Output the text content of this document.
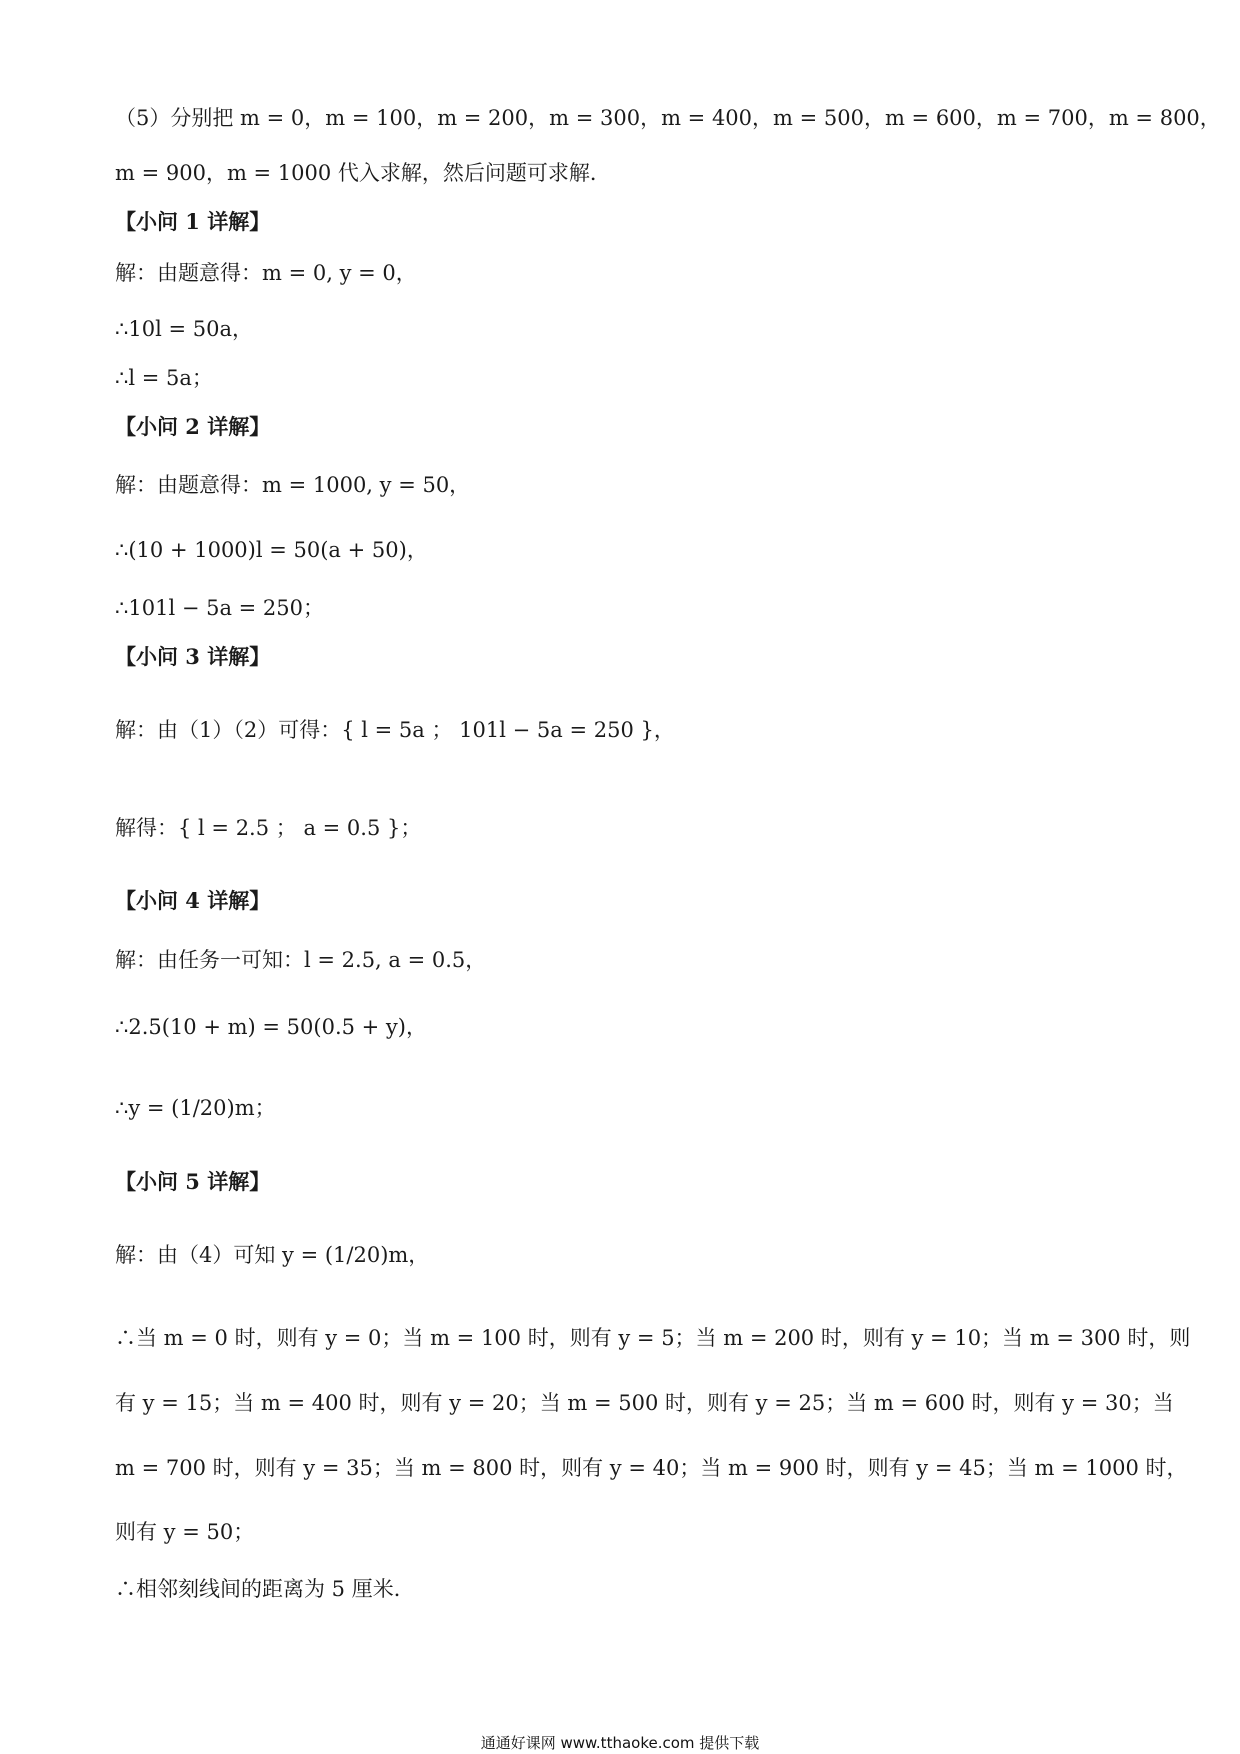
（5）分别把 m = 0，m = 100，m = 200，m = 300，m = 400，m = 500，m = 600，m = 700，m = 800，
m = 900，m = 1000 代入求解，然后问题可求解．
【小问 1 详解】
解：由题意得：m = 0, y = 0，
∴10l = 50a，
∴l = 5a；
【小问 2 详解】
解：由题意得：m = 1000, y = 50，
∴(10 + 1000)l = 50(a + 50)，
∴101l − 5a = 250；
【小问 3 详解】
解：由（1）（2）可得：{ l = 5a ； 101l − 5a = 250 }，
解得：{ l = 2.5 ； a = 0.5 }；
【小问 4 详解】
解：由任务一可知：l = 2.5, a = 0.5，
∴2.5(10 + m) = 50(0.5 + y)，
∴y = (1/20)m；
【小问 5 详解】
解：由（4）可知 y = (1/20)m，
∴当 m = 0 时，则有 y = 0；当 m = 100 时，则有 y = 5；当 m = 200 时，则有 y = 10；当 m = 300 时，则
有 y = 15；当 m = 400 时，则有 y = 20；当 m = 500 时，则有 y = 25；当 m = 600 时，则有 y = 30；当
m = 700 时，则有 y = 35；当 m = 800 时，则有 y = 40；当 m = 900 时，则有 y = 45；当 m = 1000 时，
则有 y = 50；
∴相邻刻线间的距离为 5 厘米．
通通好课网 www.tthaoke.com 提供下载
